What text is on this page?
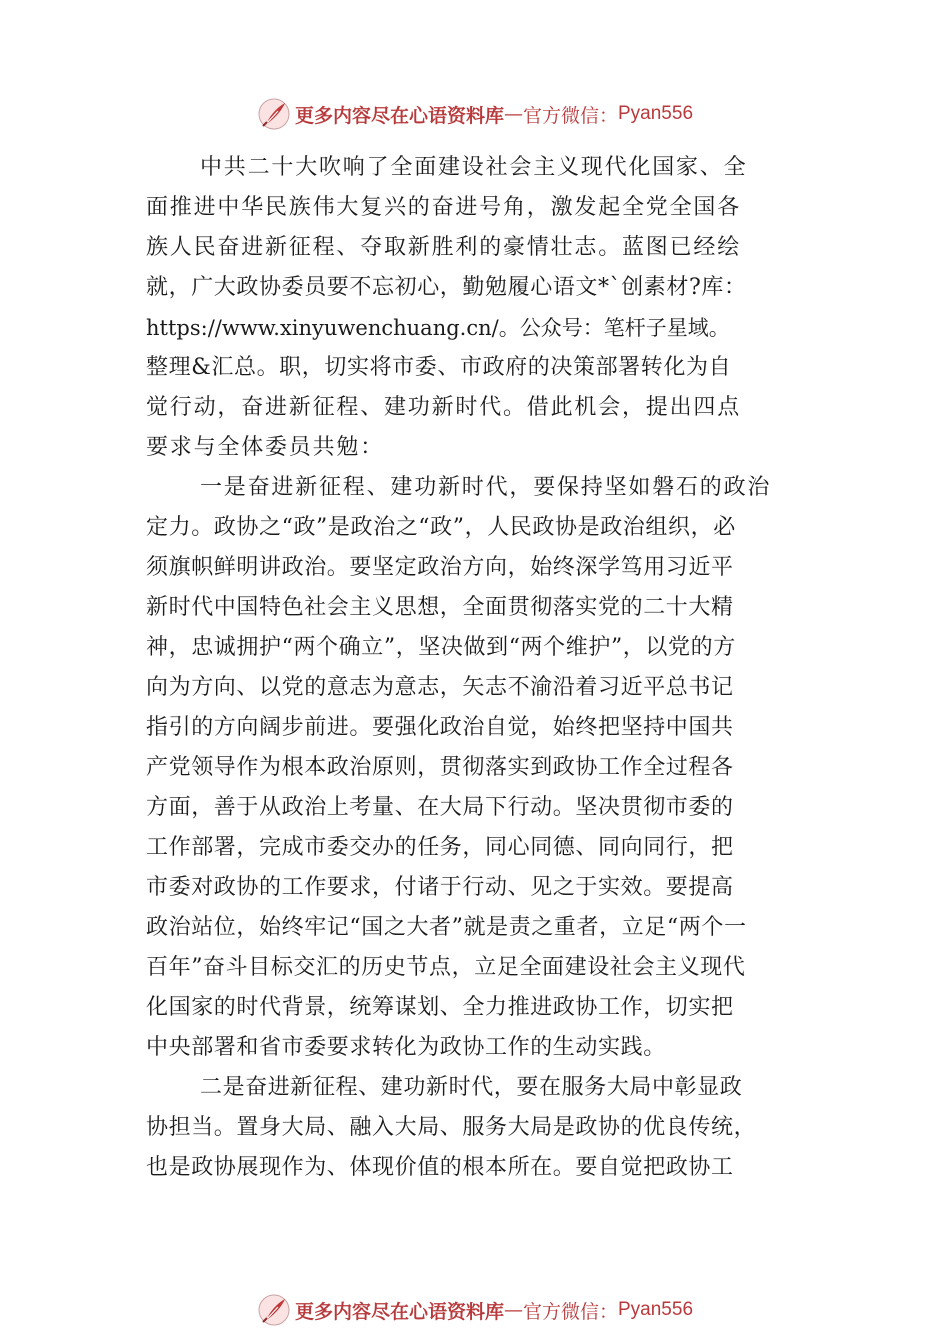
更多内容尽在心语资料库 — 官方微信： Pyan556
中共二十大吹响了全面建设社会主义现代化国家、全
面推进中华民族伟大复兴的奋进号角，激发起全党全国各
族人民奋进新征程、夺取新胜利的豪情壮志。蓝图已经绘
就，广大政协委员要不忘初心，勤勉履心语文*`创素材?库：
https://www.xinyuwenchuang.cn/。公众号：笔杆子星域。
整理&汇总。职，切实将市委、市政府的决策部署转化为自
觉行动，奋进新征程、建功新时代。借此机会，提出四点
要求与全体委员共勉：
一是奋进新征程、建功新时代，要保持坚如磐石的政治
定力。政协之“政”是政治之“政”，人民政协是政治组织，必
须旗帜鲜明讲政治。要坚定政治方向，始终深学笃用习近平
新时代中国特色社会主义思想，全面贯彻落实党的二十大精
神，忠诚拥护“两个确立”，坚决做到“两个维护”，以党的方
向为方向、以党的意志为意志，矢志不渝沿着习近平总书记
指引的方向阔步前进。要强化政治自觉，始终把坚持中国共
产党领导作为根本政治原则，贯彻落实到政协工作全过程各
方面，善于从政治上考量、在大局下行动。坚决贯彻市委的
工作部署，完成市委交办的任务，同心同德、同向同行，把
市委对政协的工作要求，付诸于行动、见之于实效。要提高
政治站位，始终牢记“国之大者”就是责之重者，立足“两个一
百年”奋斗目标交汇的历史节点，立足全面建设社会主义现代
化国家的时代背景，统筹谋划、全力推进政协工作，切实把
中央部署和省市委要求转化为政协工作的生动实践。
二是奋进新征程、建功新时代，要在服务大局中彰显政
协担当。置身大局、融入大局、服务大局是政协的优良传统，
也是政协展现作为、体现价值的根本所在。要自觉把政协工
更多内容尽在心语资料库 — 官方微信： Pyan556
